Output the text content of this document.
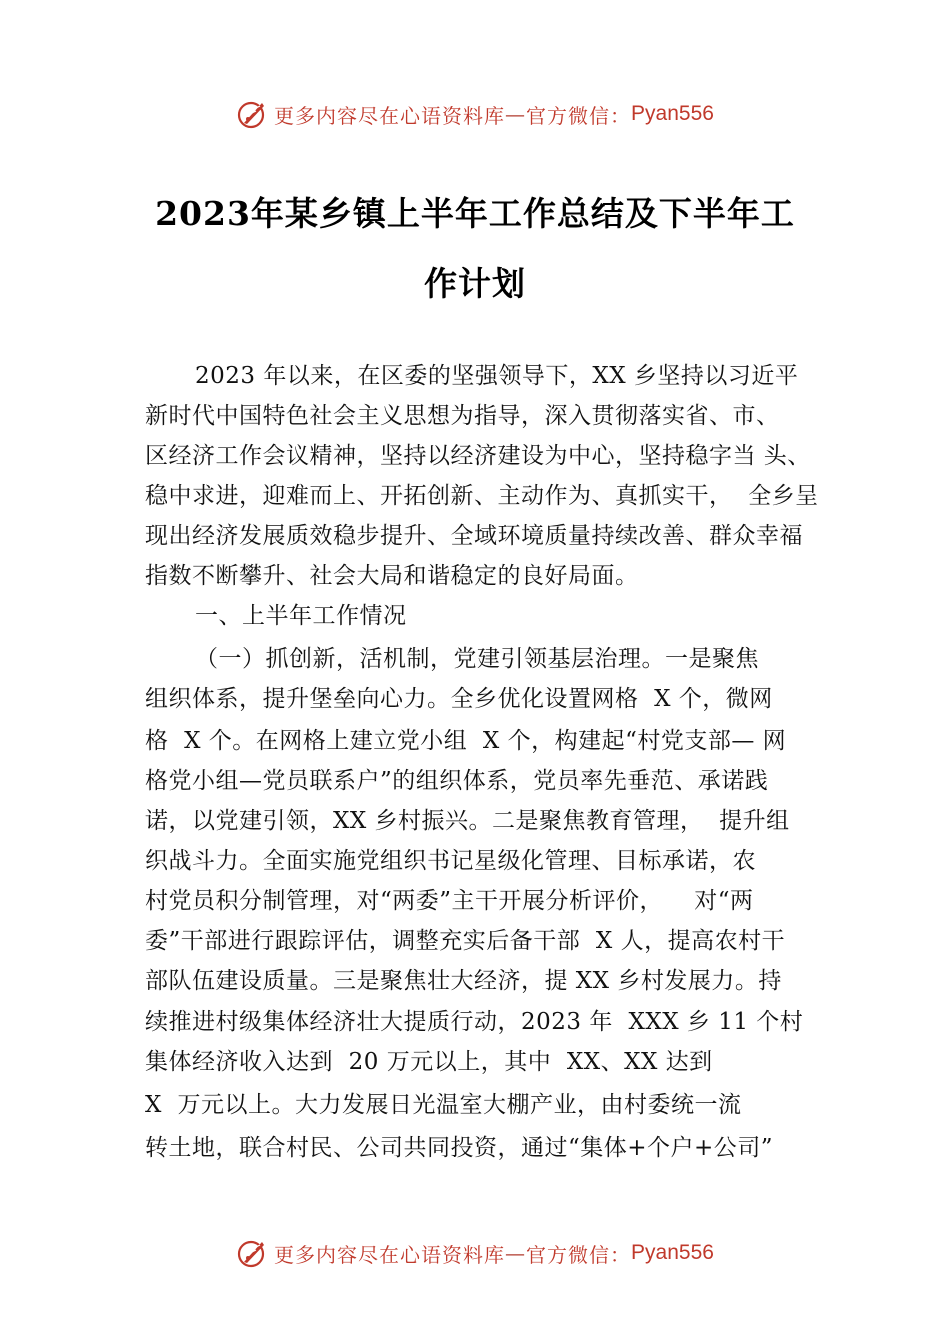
更多内容尽在心语资料库 — 官方微信： Pyan556
2023年某乡镇上半年工作总结及下半年工
作计划
2023 年以来，在区委的坚强领导下，XX 乡坚持以习近平
新时代中国特色社会主义思想为指导，深入贯彻落实省、市、
区经济工作会议精神，坚持以经济建设为中心，坚持稳字当 头、
稳中求进，迎难而上、开拓创新、主动作为、真抓实干，  全乡呈
现出经济发展质效稳步提升、全域环境质量持续改善、群众幸福
指数不断攀升、社会大局和谐稳定的良好局面。
一、上半年工作情况
（一）抓创新，活机制，党建引领基层治理。一是聚焦
组织体系，提升堡垒向心力。全乡优化设置网格  X 个，微网
格  X 个。在网格上建立党小组  X 个，构建起“村党支部— 网
格党小组—党员联系户”的组织体系，党员率先垂范、承诺践
诺，以党建引领，XX 乡村振兴。二是聚焦教育管理，  提升组
织战斗力。全面实施党组织书记星级化管理、目标承诺，农
村党员积分制管理，对“两委”主干开展分析评价，    对“两
委”干部进行跟踪评估，调整充实后备干部  X 人，提高农村干
部队伍建设质量。三是聚焦壮大经济，提 XX 乡村发展力。持
续推进村级集体经济壮大提质行动，2023 年  XXX 乡 11 个村
集体经济收入达到  20 万元以上，其中  XX、XX 达到
X  万元以上。大力发展日光温室大棚产业，由村委统一流
转土地，联合村民、公司共同投资，通过“集体+个户+公司”
更多内容尽在心语资料库 — 官方微信： Pyan556
